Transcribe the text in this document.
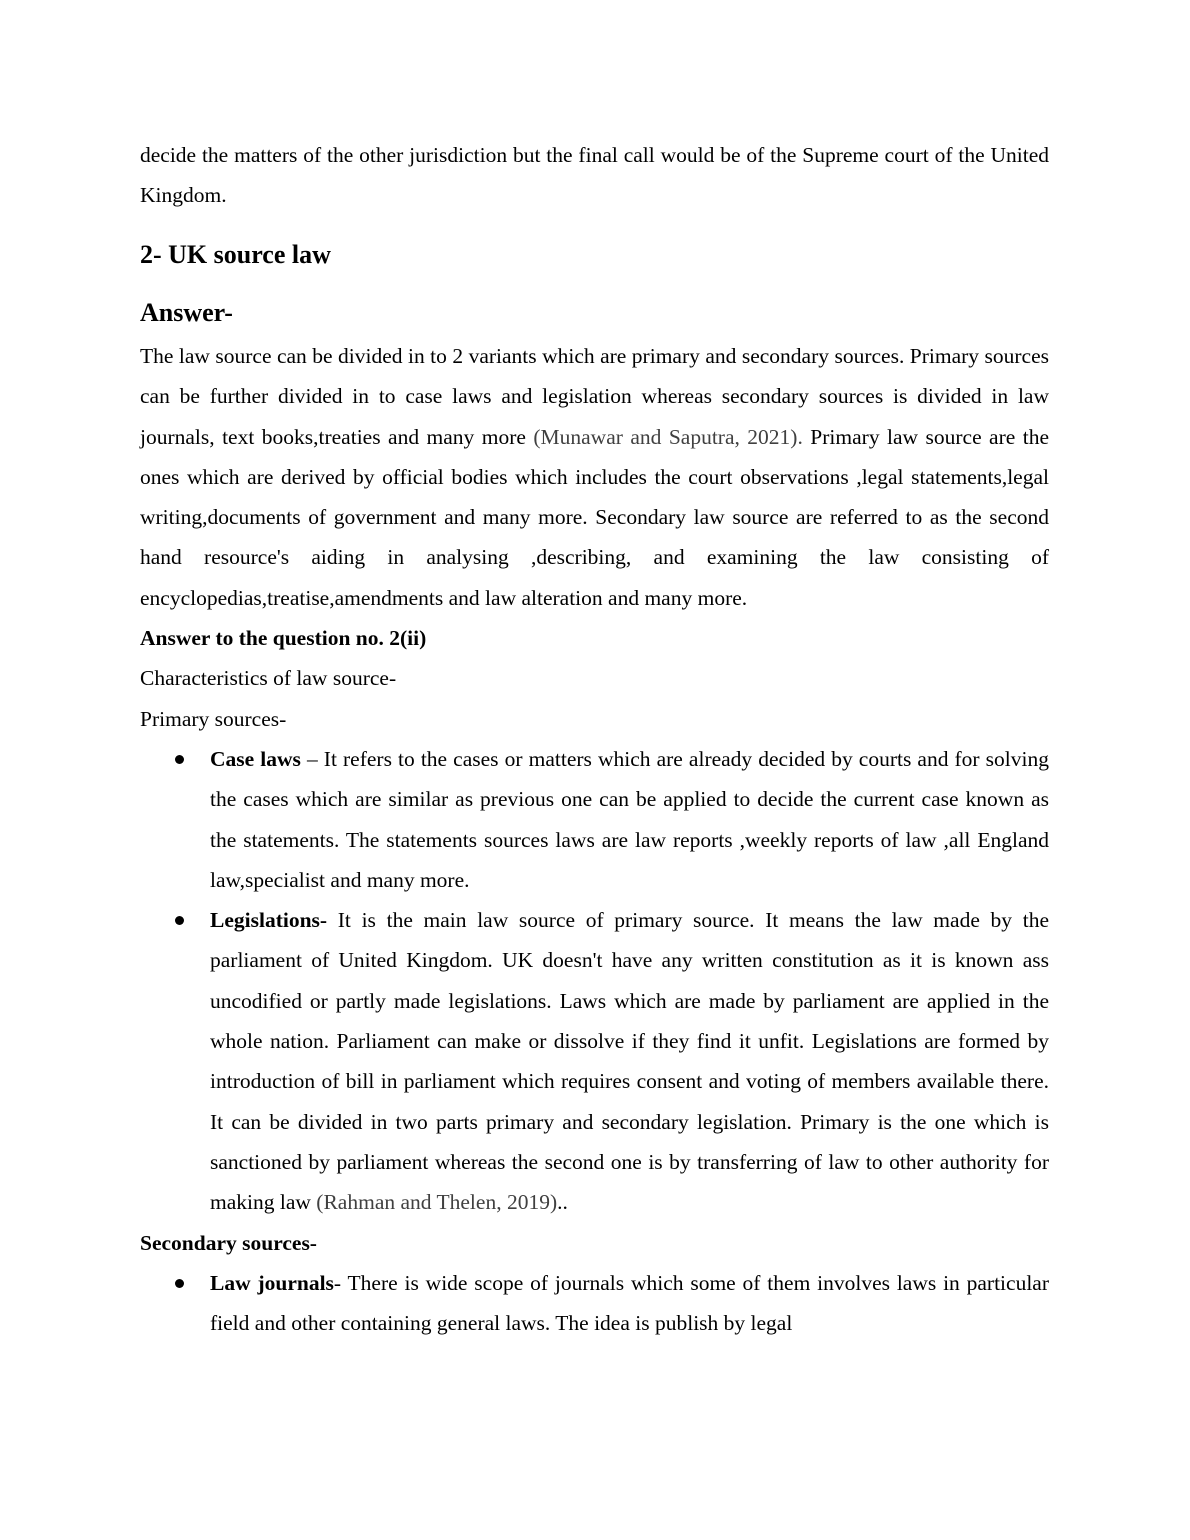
decide the matters of the other jurisdiction but the final call would be of the Supreme court of the United Kingdom.

2- UK source law
Answer-

The law source can be divided in to 2 variants which are primary and secondary sources. Primary sources can be further divided in to case laws and legislation whereas secondary sources is divided in law journals, text books,treaties and many more (Munawar and Saputra, 2021). Primary law source are the ones which are derived by official bodies which includes the court observations ,legal statements,legal writing,documents of government and many more. Secondary law source are referred to as the second hand resource's aiding in analysing ,describing, and examining the law consisting of encyclopedias,treatise,amendments and law alteration and many more.

Answer to the question no. 2(ii)

Characteristics of law source-

Primary sources-

Case laws – It refers to the cases or matters which are already decided by courts and for solving the cases which are similar as previous one can be applied to decide the current case known as the statements. The statements sources laws are law reports ,weekly reports of law ,all England law,specialist and many more.
Legislations- It is the main law source of primary source. It means the law made by the parliament of United Kingdom. UK doesn't have any written constitution as it is known ass uncodified or partly made legislations. Laws which are made by parliament are applied in the whole nation. Parliament can make or dissolve if they find it unfit. Legislations are formed by introduction of bill in parliament which requires consent and voting of members available there. It can be divided in two parts primary and secondary legislation. Primary is the one which is sanctioned by parliament whereas the second one is by transferring of law to other authority for making law (Rahman and Thelen, 2019)..

Secondary sources-

Law journals- There is wide scope of journals which some of them involves laws in particular field and other containing general laws. The idea is publish by legal
